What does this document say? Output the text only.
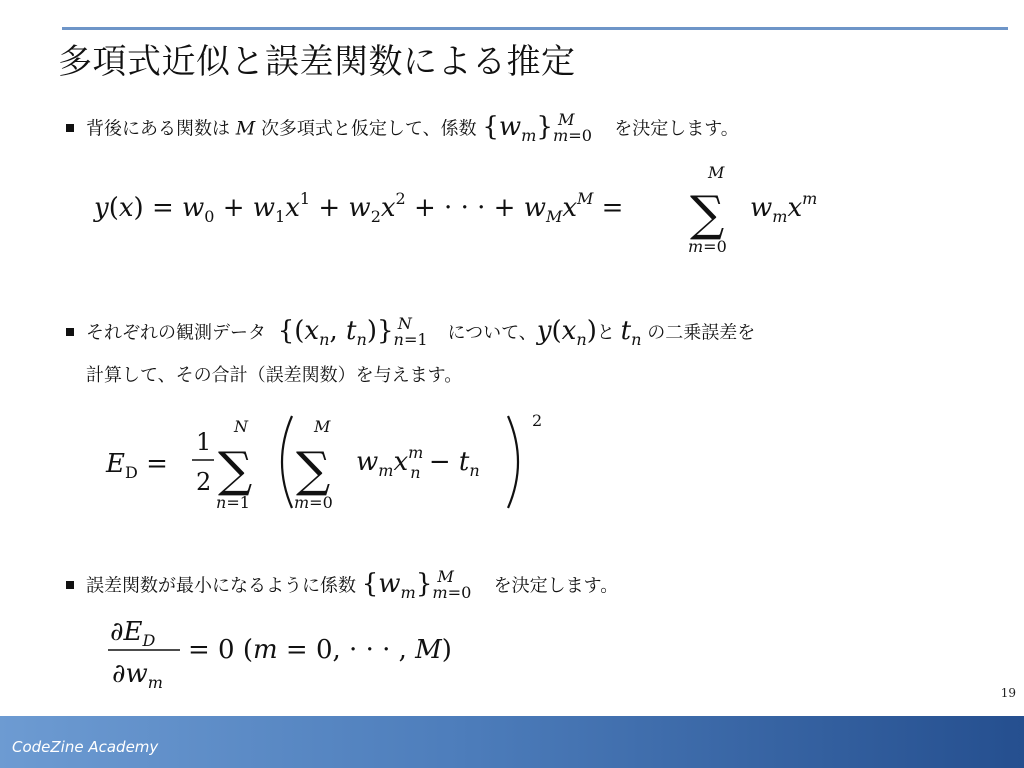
多項式近似と誤差関数による推定
背後にある関数は M 次多項式と仮定して、係数 $\{w_m\}_{m=0}^M$ を決定します。
$y(x) = w_0 + w_1x^1 + w_2x^2$ + · · · + $w_Mx^M$ =
M
∑
m=0
$w_mx^m$
それぞれの観測データ {($x_n$, $t_n)\}_{n=1}^N$ について、$y(x_n)$と $t_n$ の二乗誤差を
計算して、その合計（誤差関数）を与えます。
$E_D$ =
1
2
N
∑
n=1
M
∑
m=0
$w_mx^m$ $n - t_n$
2
誤差関数が最小になるように係数 $\{w_m\}_{m=0}^M$ を決定します。
$\partial E_D$
$\partial w_m$
= 0 (m = 0, · · · , M)
19
CodeZine Academy
